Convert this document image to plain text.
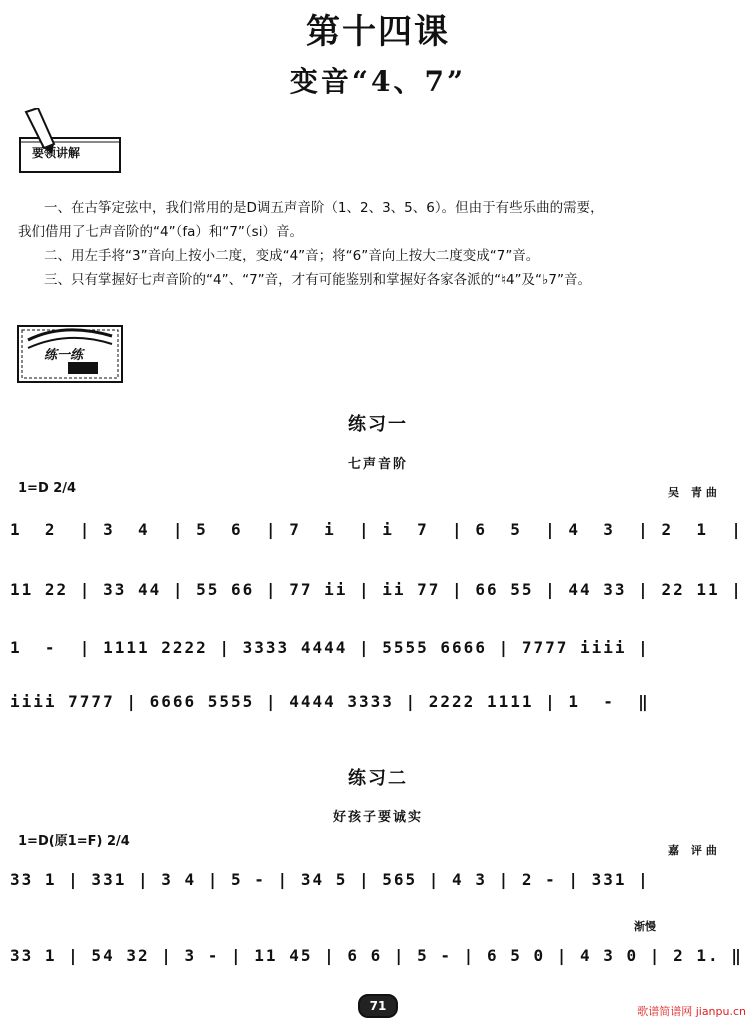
第十四课
变音“4、7”
要领讲解
一、在古筝定弦中，我们常用的是D调五声音阶（1、2、3、5、6）。但由于有些乐曲的需要，
我们借用了七声音阶的“4”（fa）和“7”（si）音。
二、用左手将“3”音向上按小二度，变成“4”音；将“6”音向上按大二度变成“7”音。
三、只有掌握好七声音阶的“4”、“7”音，才有可能鉴别和掌握好各家各派的“♮4”及“♭7”音。
练一练
练习一
七声音阶
1=D 2/4	吴 青曲
1  2  | 3  4  | 5  6  | 7  i  | i  7  | 6  5  | 4  3  | 2  1  |
11 22 | 33 44 | 55 66 | 77 ii | ii 77 | 66 55 | 44 33 | 22 11 |
1  -  | 1111 2222 | 3333 4444 | 5555 6666 | 7777 iiii |
iiii 7777 | 6666 5555 | 4444 3333 | 2222 1111 | 1  -  ‖
练习二
好孩子要诚实
1=D(原1=F) 2/4
嘉 评曲
33 1 | 331 | 3 4 | 5 - | 34 5 | 565 | 4 3 | 2 - | 331 |
渐慢
33 1 | 54 32 | 3 - | 11 45 | 6 6 | 5 - | 6 5 0 | 4 3 0 | 2 1. ‖
71	歌谱简谱网 jianpu.cn
